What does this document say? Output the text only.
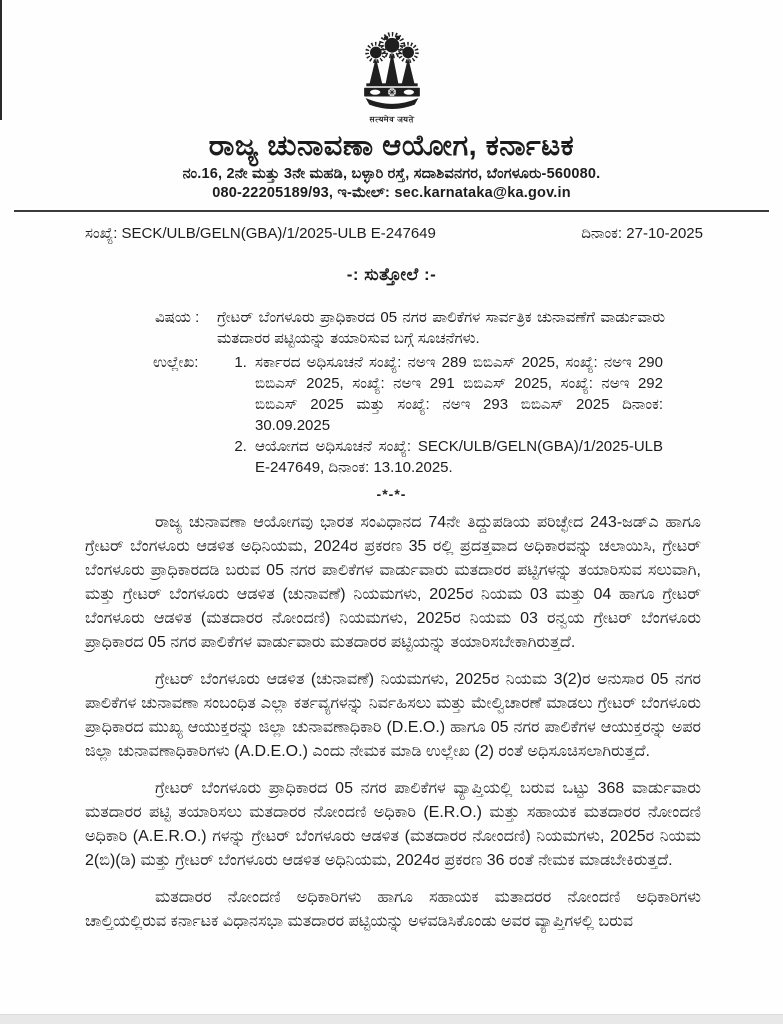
सत्यमेव जयते
ರಾಜ್ಯ ಚುನಾವಣಾ ಆಯೋಗ, ಕರ್ನಾಟಕ
ನಂ.16, 2ನೇ ಮತ್ತು 3ನೇ ಮಹಡಿ, ಬಳ್ಳಾರಿ ರಸ್ತೆ, ಸದಾಶಿವನಗರ, ಬೆಂಗಳೂರು-560080.
080-22205189/93, ಇ-ಮೇಲ್: sec.karnataka@ka.gov.in
ಸಂಖ್ಯೆ: SECK/ULB/GELN(GBA)/1/2025-ULB E-247649	ದಿನಾಂಕ: 27-10-2025
-: ಸುತ್ತೋಲೆ :-
ವಿಷಯ :	ಗ್ರೇಟರ್ ಬೆಂಗಳೂರು ಪ್ರಾಧಿಕಾರದ 05 ನಗರ ಪಾಲಿಕೆಗಳ ಸಾರ್ವತ್ರಿಕ ಚುನಾವಣೆಗೆ ವಾರ್ಡುವಾರು ಮತದಾರರ ಪಟ್ಟಿಯನ್ನು ತಯಾರಿಸುವ ಬಗ್ಗೆ ಸೂಚನೆಗಳು.
ಉಲ್ಲೇಖ:	1. ಸರ್ಕಾರದ ಅಧಿಸೂಚನೆ ಸಂಖ್ಯೆ: ನಅಇ 289 ಬಿಬಿಎಸ್ 2025, ಸಂಖ್ಯೆ: ನಅಇ 290 ಬಿಬಿಎಸ್ 2025, ಸಂಖ್ಯೆ: ನಅಇ 291 ಬಿಬಿಎಸ್ 2025, ಸಂಖ್ಯೆ: ನಅಇ 292 ಬಿಬಿಎಸ್ 2025 ಮತ್ತು ಸಂಖ್ಯೆ: ನಅಇ 293 ಬಿಬಿಎಸ್ 2025 ದಿನಾಂಕ: 30.09.2025
2. ಆಯೋಗದ ಅಧಿಸೂಚನೆ ಸಂಖ್ಯೆ: SECK/ULB/GELN(GBA)/1/2025-ULB E-247649, ದಿನಾಂಕ: 13.10.2025.
-*-*-

ರಾಜ್ಯ ಚುನಾವಣಾ ಆಯೋಗವು ಭಾರತ ಸಂವಿಧಾನದ 74ನೇ ತಿದ್ದುಪಡಿಯ ಪರಿಚ್ಛೇದ 243-ಜಡ್‌ಎ ಹಾಗೂ ಗ್ರೇಟರ್ ಬೆಂಗಳೂರು ಆಡಳಿತ ಅಧಿನಿಯಮ, 2024ರ ಪ್ರಕರಣ 35 ರಲ್ಲಿ ಪ್ರದತ್ತವಾದ ಅಧಿಕಾರವನ್ನು ಚಲಾಯಿಸಿ, ಗ್ರೇಟರ್ ಬೆಂಗಳೂರು ಪ್ರಾಧಿಕಾರದಡಿ ಬರುವ 05 ನಗರ ಪಾಲಿಕೆಗಳ ವಾರ್ಡುವಾರು ಮತದಾರರ ಪಟ್ಟಿಗಳನ್ನು ತಯಾರಿಸುವ ಸಲುವಾಗಿ, ಮತ್ತು ಗ್ರೇಟರ್ ಬೆಂಗಳೂರು ಆಡಳಿತ (ಚುನಾವಣೆ) ನಿಯಮಗಳು, 2025ರ ನಿಯಮ 03 ಮತ್ತು 04 ಹಾಗೂ ಗ್ರೇಟರ್ ಬೆಂಗಳೂರು ಆಡಳಿತ (ಮತದಾರರ ನೋಂದಣಿ) ನಿಯಮಗಳು, 2025ರ ನಿಯಮ 03 ರನ್ವಯ ಗ್ರೇಟರ್ ಬೆಂಗಳೂರು ಪ್ರಾಧಿಕಾರದ 05 ನಗರ ಪಾಲಿಕೆಗಳ ವಾರ್ಡುವಾರು ಮತದಾರರ ಪಟ್ಟಿಯನ್ನು ತಯಾರಿಸಬೇಕಾಗಿರುತ್ತದೆ.

ಗ್ರೇಟರ್ ಬೆಂಗಳೂರು ಆಡಳಿತ (ಚುನಾವಣೆ) ನಿಯಮಗಳು, 2025ರ ನಿಯಮ 3(2)ರ ಅನುಸಾರ 05 ನಗರ ಪಾಲಿಕೆಗಳ ಚುನಾವಣಾ ಸಂಬಂಧಿತ ಎಲ್ಲಾ ಕರ್ತವ್ಯಗಳನ್ನು ನಿರ್ವಹಿಸಲು ಮತ್ತು ಮೇಲ್ವಿಚಾರಣೆ ಮಾಡಲು ಗ್ರೇಟರ್ ಬೆಂಗಳೂರು ಪ್ರಾಧಿಕಾರದ ಮುಖ್ಯ ಆಯುಕ್ತರನ್ನು ಜಿಲ್ಲಾ ಚುನಾವಣಾಧಿಕಾರಿ (D.E.O.) ಹಾಗೂ 05 ನಗರ ಪಾಲಿಕೆಗಳ ಆಯುಕ್ತರನ್ನು ಅಪರ ಜಿಲ್ಲಾ ಚುನಾವಣಾಧಿಕಾರಿಗಳು (A.D.E.O.) ಎಂದು ನೇಮಕ ಮಾಡಿ ಉಲ್ಲೇಖ (2) ರಂತೆ ಅಧಿಸೂಚಿಸಲಾಗಿರುತ್ತದೆ.

ಗ್ರೇಟರ್ ಬೆಂಗಳೂರು ಪ್ರಾಧಿಕಾರದ 05 ನಗರ ಪಾಲಿಕೆಗಳ ವ್ಯಾಪ್ತಿಯಲ್ಲಿ ಬರುವ ಒಟ್ಟು 368 ವಾರ್ಡುವಾರು ಮತದಾರರ ಪಟ್ಟಿ ತಯಾರಿಸಲು ಮತದಾರರ ನೋಂದಣಿ ಅಧಿಕಾರಿ (E.R.O.) ಮತ್ತು ಸಹಾಯಕ ಮತದಾರರ ನೋಂದಣಿ ಅಧಿಕಾರಿ (A.E.R.O.) ಗಳನ್ನು ಗ್ರೇಟರ್ ಬೆಂಗಳೂರು ಆಡಳಿತ (ಮತದಾರರ ನೋಂದಣಿ) ನಿಯಮಗಳು, 2025ರ ನಿಯಮ 2(ಬಿ)(ಡಿ) ಮತ್ತು ಗ್ರೇಟರ್ ಬೆಂಗಳೂರು ಆಡಳಿತ ಅಧಿನಿಯಮ, 2024ರ ಪ್ರಕರಣ 36 ರಂತೆ ನೇಮಕ ಮಾಡಬೇಕಿರುತ್ತದೆ.

ಮತದಾರರ ನೋಂದಣಿ ಅಧಿಕಾರಿಗಳು ಹಾಗೂ ಸಹಾಯಕ ಮತಾದರರ ನೋಂದಣಿ ಅಧಿಕಾರಿಗಳು ಚಾಲ್ತಿಯಲ್ಲಿರುವ ಕರ್ನಾಟಕ ವಿಧಾನಸಭಾ ಮತದಾರರ ಪಟ್ಟಿಯನ್ನು ಅಳವಡಿಸಿಕೊಂಡು ಅವರ ವ್ಯಾಪ್ತಿಗಳಲ್ಲಿ ಬರುವ
